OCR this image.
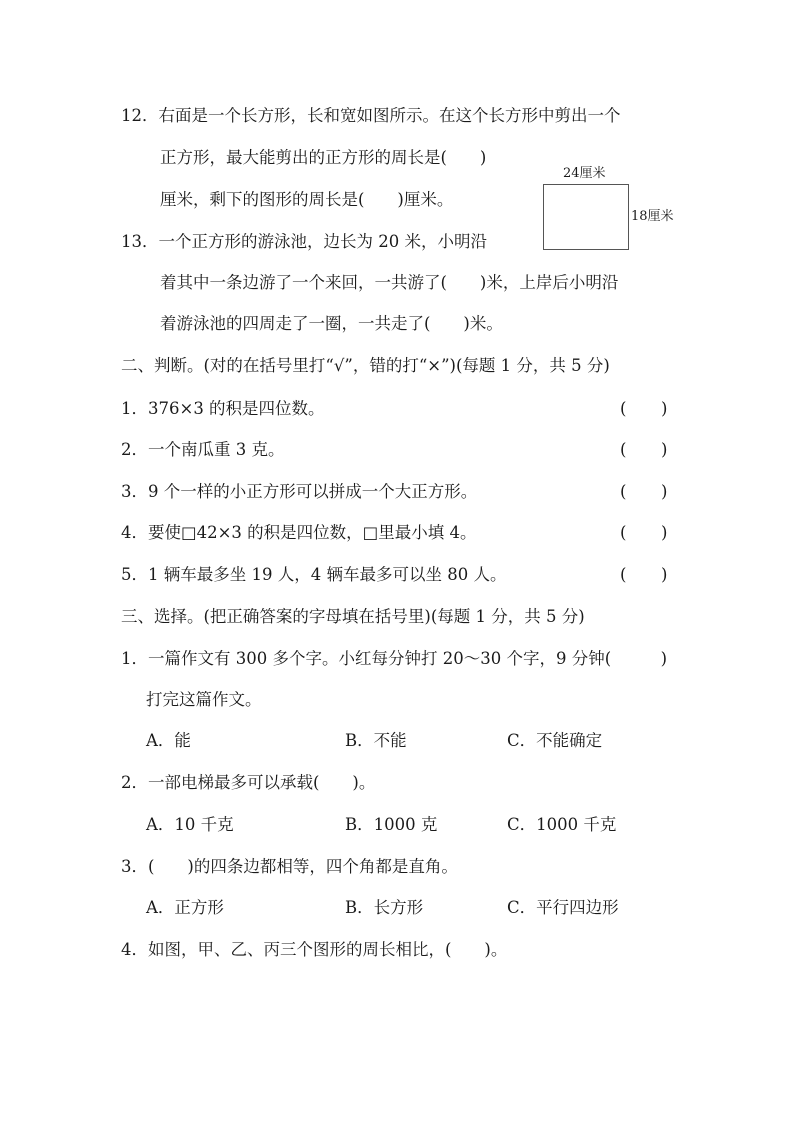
12．右面是一个长方形，长和宽如图所示。在这个长方形中剪出一个
正方形，最大能剪出的正方形的周长是(　　)
厘米，剩下的图形的周长是(　　)厘米。
24厘米
18厘米
13．一个正方形的游泳池，边长为 20 米，小明沿
着其中一条边游了一个来回，一共游了(　　)米，上岸后小明沿
着游泳池的四周走了一圈，一共走了(　　)米。
二、判断。(对的在括号里打“√”，错的打“×”)(每题 1 分，共 5 分)
1．376×3 的积是四位数。	( )
2．一个南瓜重 3 克。	( )
3．9 个一样的小正方形可以拼成一个大正方形。	( )
4．要使□42×3 的积是四位数，□里最小填 4。	( )
5．1 辆车最多坐 19 人，4 辆车最多可以坐 80 人。	( )
三、选择。(把正确答案的字母填在括号里)(每题 1 分，共 5 分)
1．一篇作文有 300 多个字。小红每分钟打 20～30 个字，9 分钟(　　　)
打完这篇作文。
A．能	B．不能	C．不能确定
2．一部电梯最多可以承载(　　)。
A．10 千克	B．1000 克	C．1000 千克
3．(　　)的四条边都相等，四个角都是直角。
A．正方形	B．长方形	C．平行四边形
4．如图，甲、乙、丙三个图形的周长相比，(　　)。
